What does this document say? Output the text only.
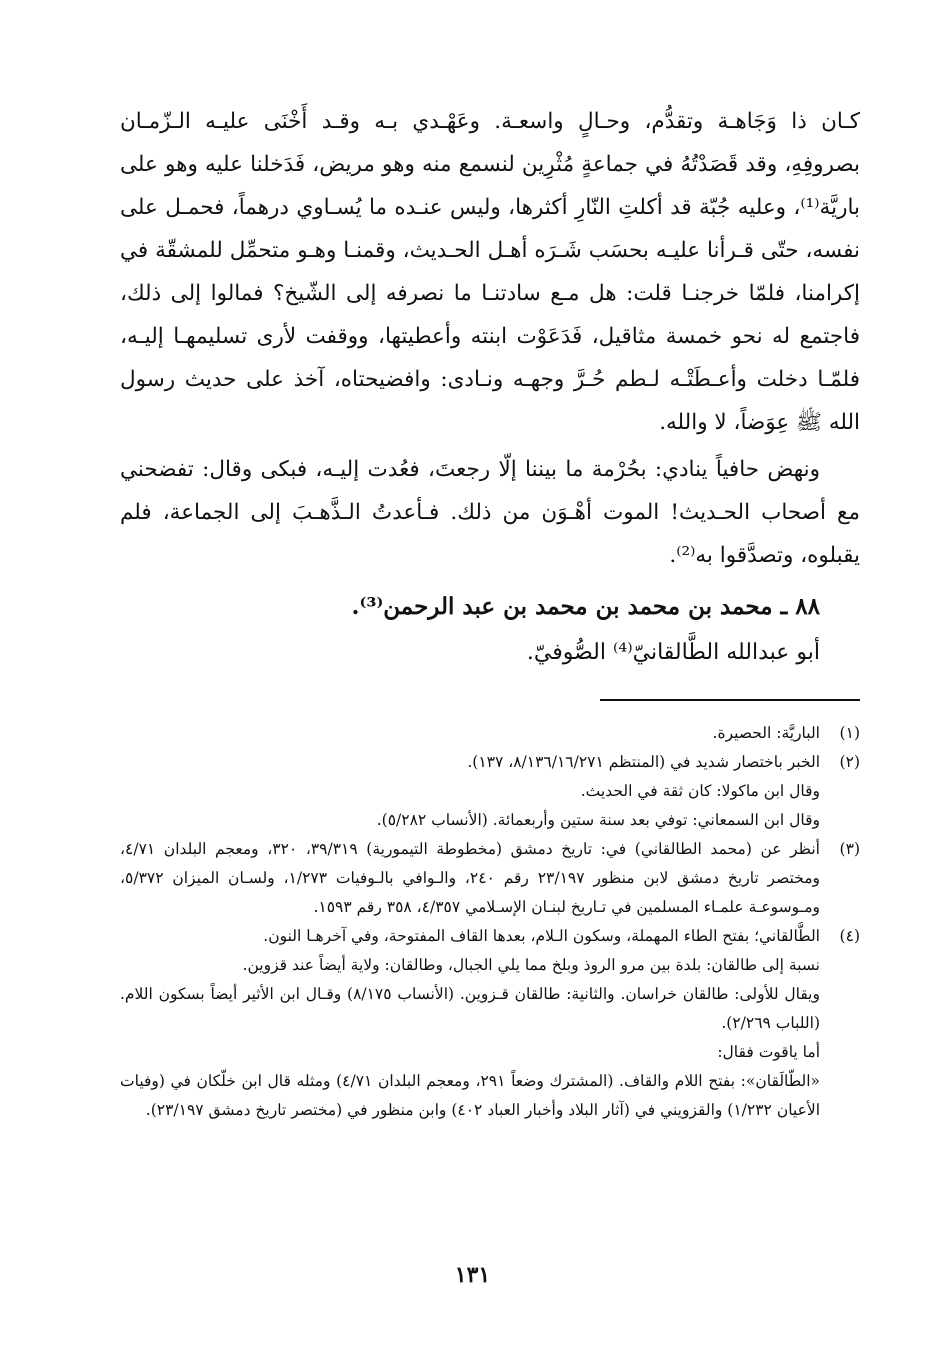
كـان ذا وَجَاهـة وتقدُّم، وحـالٍ واسعـة. وعَهْـدي بـه وقـد أَخْنَى عليـه الـزّمـان بصروفِهِ، وقد قَصَدْتُهُ في جماعةٍ مُثْرِين لنسمع منه وهو مريض، فَدَخلنا عليه وهو على باريَّة⁽¹⁾، وعليه جُبّة قد أكلتِ النّارِ أكثرها، وليس عنـده ما يُسـاوي درهماً، فحمـل على نفسه، حتّى قـرأنا عليـه بحسَب شَـرَه أهـل الحـديث، وقمنـا وهـو متحمِّل للمشقّة في إكرامنا، فلمّا خرجنـا قلت: هل مـع سادتنـا ما نصرفه إلى الشّيخ؟ فمالوا إلى ذلك، فاجتمع له نحو خمسة مثاقيل، فَدَعَوْت ابنته وأعطيتها، ووقفت لأرى تسليمهـا إليـه، فلمّـا دخلت وأعـطَتْـه لـطم حُـرَّ وجهـه ونـادى: وافضيحتاه، آخذ على حديث رسول الله ﷺ عِوَضاً، لا والله.

ونهض حافياً ينادي: بحُرْمة ما بيننا إلّا رجعتَ، فعُدت إليـه، فبكى وقال: تفضحني مع أصحاب الحـديث! الموت أهْـوَن من ذلك. فـأعدتُ الـذَّهـبَ إلى الجماعة، فلم يقبلوه، وتصدَّقوا به⁽²⁾.

٨٨ ـ محمد بن محمد بن محمد بن عبد الرحمن⁽³⁾.
أبو عبدالله الطَّالقانيّ⁽⁴⁾ الصُّوفيّ.
(١)
الباريَّة: الحصيرة.
(٢)
الخبر باختصار شديد في (المنتظم ٨/١٣٦/١٦/٢٧١، ١٣٧).
وقال ابن ماكولا: كان ثقة في الحديث.
وقال ابن السمعاني: توفي بعد سنة ستين وأربعمائة. (الأنساب ٥/٢٨٢).
(٣)
أنظر عن (محمد الطالقاني) في: تاريخ دمشق (مخطوطة التيمورية) ٣٩/٣١٩، ٣٢٠، ومعجم البلدان ٤/٧١، ومختصر تاريخ دمشق لابن منظور ٢٣/١٩٧ رقم ٢٤٠، والـوافي بالـوفيات ١/٢٧٣، ولسـان الميزان ٥/٣٧٢، ومـوسوعـة علمـاء المسلمين في تـاريخ لبنـان الإسـلامي ٤/٣٥٧، ٣٥٨ رقم ١٥٩٣.
(٤)
الطَّالقاني؛ بفتح الطاء المهملة، وسكون الـلام، بعدها القاف المفتوحة، وفي آخرهـا النون.
نسبة إلى طالقان: بلدة بين مرو الروذ وبلخ مما يلي الجبال، وطالقان: ولاية أيضاً عند قزوين.
ويقال للأولى: طالقان خراسان. والثانية: طالقان قـزوين. (الأنساب ٨/١٧٥) وقـال ابن الأثير أيضاً بسكون اللام. (اللباب ٢/٢٦٩).
أما ياقوت فقال:
«الطّالَقان»: بفتح اللام والقاف. (المشترك وضعاً ٢٩١، ومعجم البلدان ٤/٧١) ومثله قال ابن خلّكان في (وفيات الأعيان ١/٢٣٢) والقزويني في (آثار البلاد وأخبار العباد ٤٠٢) وابن منظور في (مختصر تاريخ دمشق ٢٣/١٩٧).
١٣١
